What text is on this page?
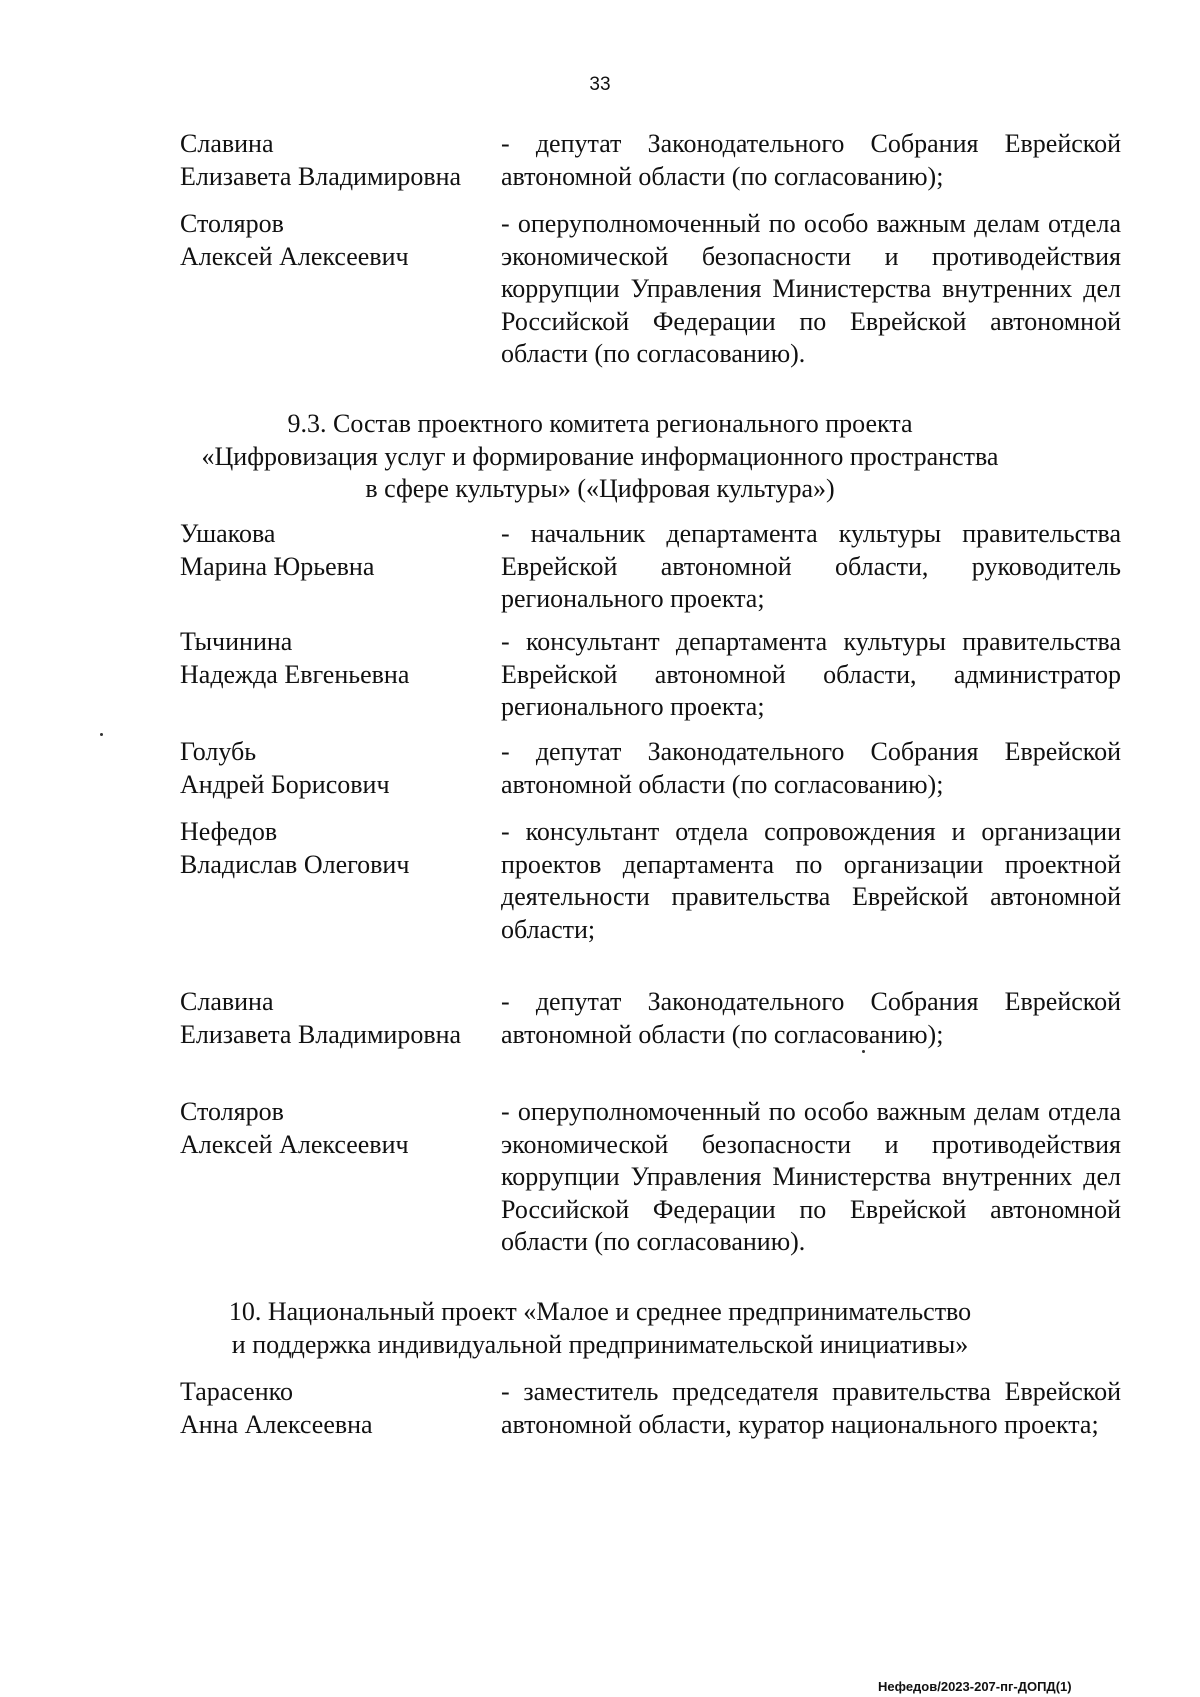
33
Славина
Елизавета Владимировна
- депутат Законодательного Собрания Еврейской автономной области (по согласованию);
Столяров
Алексей Алексеевич
- оперуполномоченный по особо важным делам отдела экономической безопасности и противодействия коррупции Управления Министерства внутренних дел Российской Федерации по Еврейской автономной области (по согласованию).
9.3. Состав проектного комитета регионального проекта
«Цифровизация услуг и формирование информационного пространства
в сфере культуры» («Цифровая культура»)
Ушакова
Марина Юрьевна
- начальник департамента культуры правительства Еврейской автономной области, руководитель регионального проекта;
Тычинина
Надежда Евгеньевна
- консультант департамента культуры правительства Еврейской автономной области, администратор регионального проекта;
Голубь
Андрей Борисович
- депутат Законодательного Собрания Еврейской автономной области (по согласованию);
Нефедов
Владислав Олегович
- консультант отдела сопровождения и организации проектов департамента по организации проектной деятельности правительства Еврейской автономной области;
Славина
Елизавета Владимировна
- депутат Законодательного Собрания Еврейской автономной области (по согласованию);
Столяров
Алексей Алексеевич
- оперуполномоченный по особо важным делам отдела экономической безопасности и противодействия коррупции Управления Министерства внутренних дел Российской Федерации по Еврейской автономной области (по согласованию).
10. Национальный проект «Малое и среднее предпринимательство
и поддержка индивидуальной предпринимательской инициативы»
Тарасенко
Анна Алексеевна
- заместитель председателя правительства Еврейской автономной области, куратор национального проекта;
Нефедов/2023-207-пг-ДОПД(1)
